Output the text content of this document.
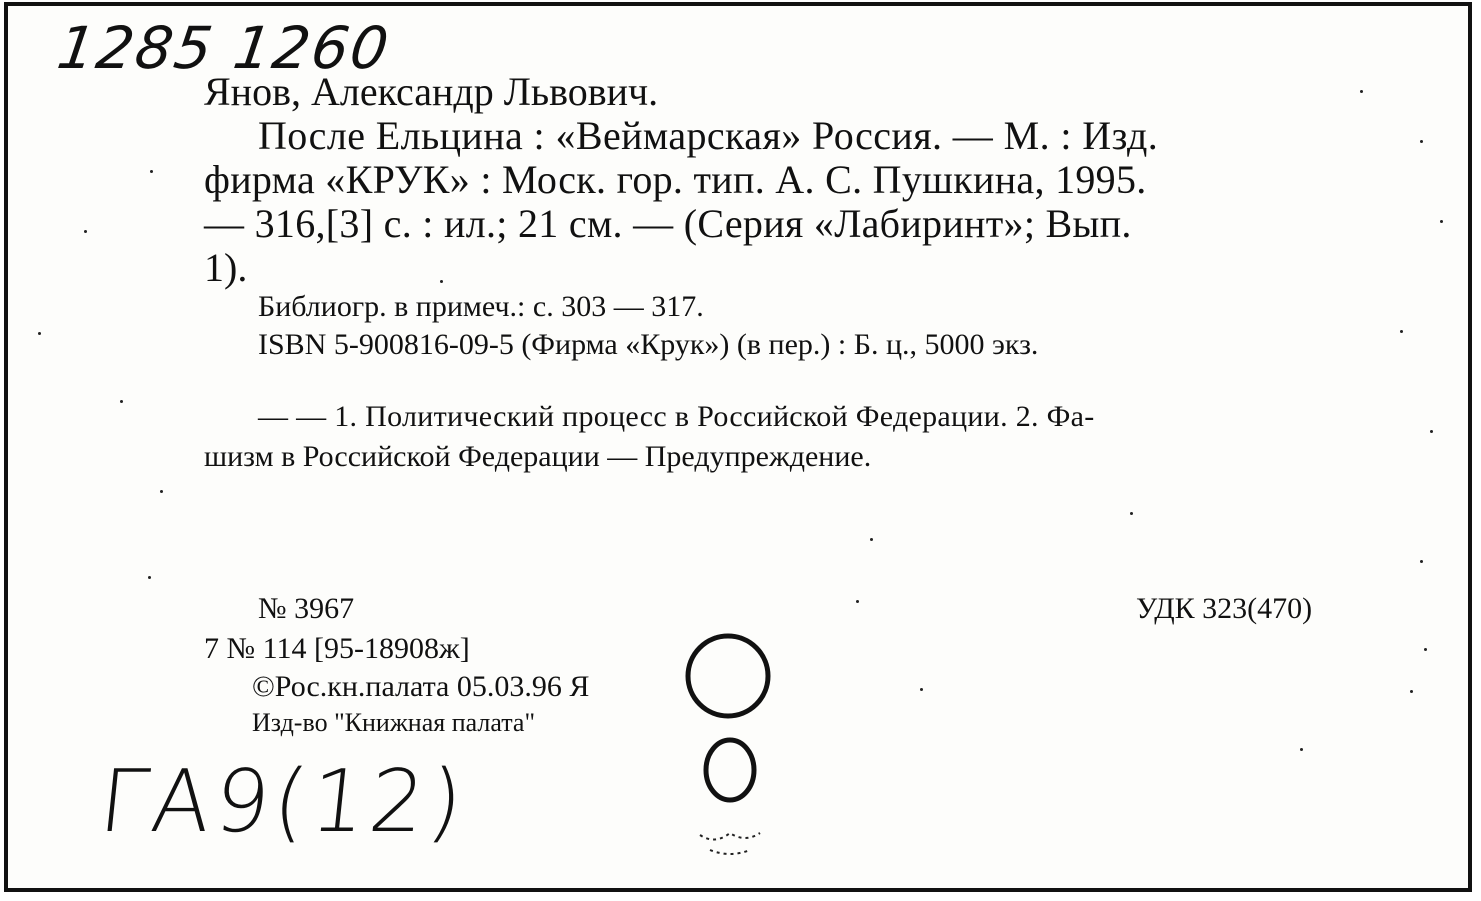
1285 1260
Янов, Александр Львович.
После Ельцина : «Веймарская» Россия. — М. : Изд.
фирма «КРУК» : Моск. гор. тип. А. С. Пушкина, 1995.
— 316,[3] с. : ил.; 21 см. — (Серия «Лабиринт»; Вып.
1).
Библиогр. в примеч.: с. 303 — 317.
ISBN 5-900816-09-5 (Фирма «Крук») (в пер.) : Б. ц., 5000 экз.
— — 1. Политический процесс в Российской Федерации. 2. Фа-
шизм в Российской Федерации — Предупреждение.
№ 3967	УДК 323(470)
7 № 114 [95-18908ж]
©Рос.кн.палата 05.03.96 Я
Изд-во "Книжная палата"
ГА9(12)
